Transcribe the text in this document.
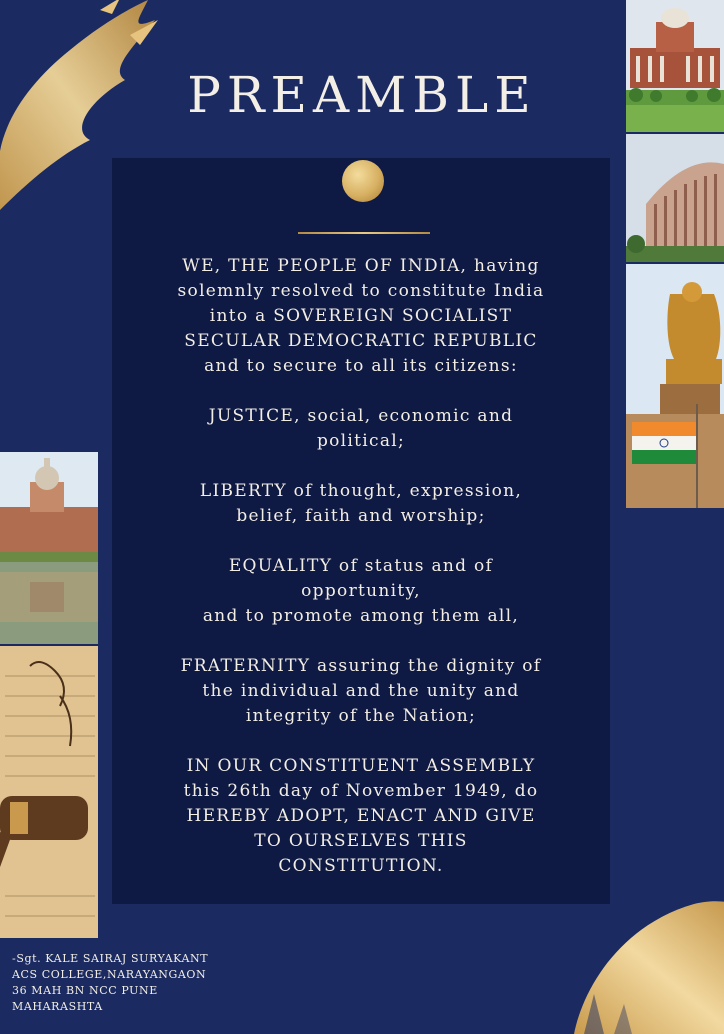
PREAMBLE

WE, THE PEOPLE OF INDIA, having
solemnly resolved to constitute India
into a SOVEREIGN SOCIALIST
SECULAR DEMOCRATIC REPUBLIC
and to secure to all its citizens:

JUSTICE, social, economic and
political;

LIBERTY of thought, expression,
belief, faith and worship;

EQUALITY of status and of
opportunity,
and to promote among them all,

FRATERNITY assuring the dignity of
the individual and the unity and
integrity of the Nation;

IN OUR CONSTITUENT ASSEMBLY
this 26th day of November 1949, do
HEREBY ADOPT, ENACT AND GIVE
TO OURSELVES THIS
CONSTITUTION.

-Sgt. KALE SAIRAJ SURYAKANT
ACS COLLEGE,NARAYANGAON
36 MAH BN NCC PUNE
MAHARASHTA
